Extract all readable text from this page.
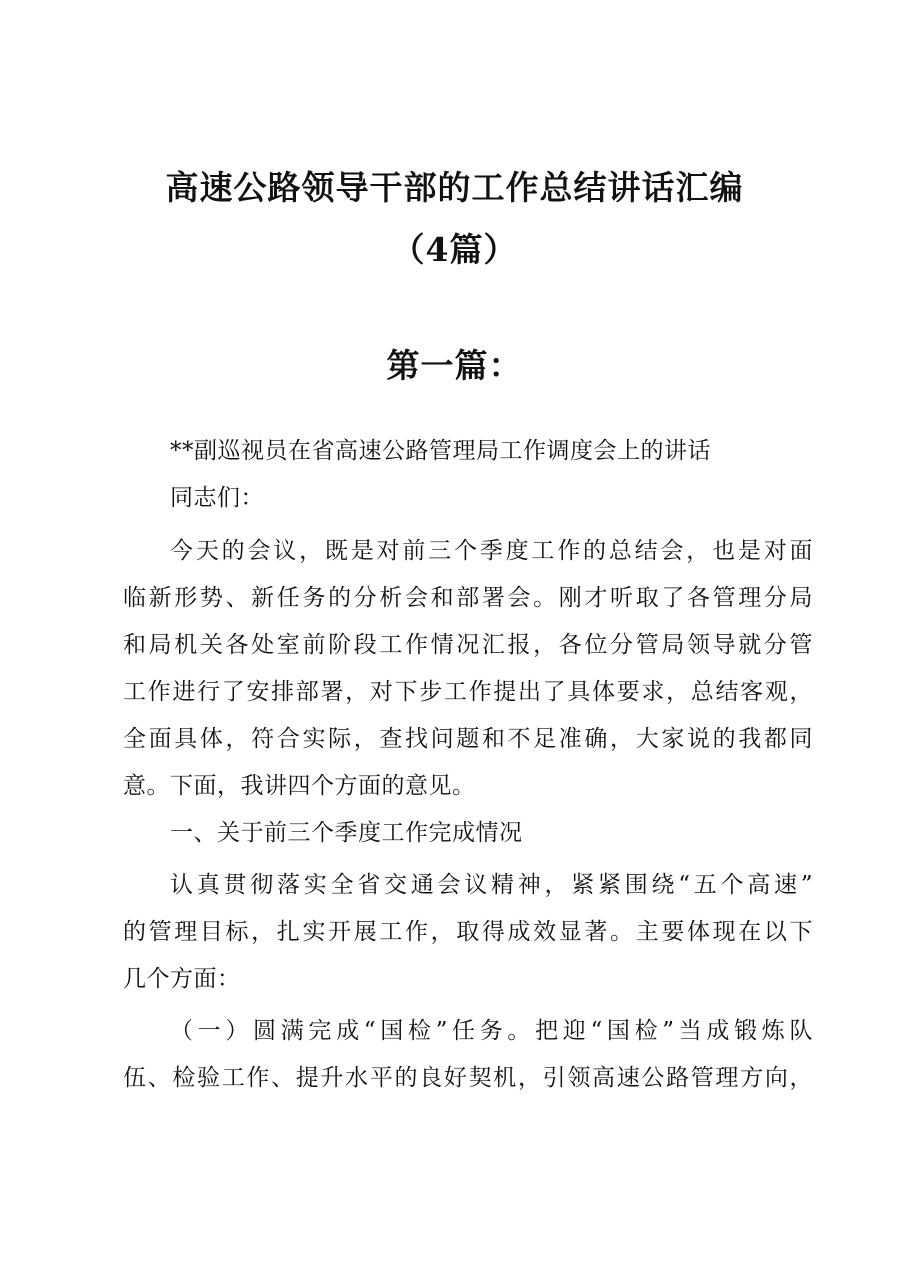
高速公路领导干部的工作总结讲话汇编
（4篇）
第一篇：
**副巡视员在省高速公路管理局工作调度会上的讲话
同志们：
今天的会议，既是对前三个季度工作的总结会，也是对面
临新形势、新任务的分析会和部署会。刚才听取了各管理分局
和局机关各处室前阶段工作情况汇报，各位分管局领导就分管
工作进行了安排部署，对下步工作提出了具体要求，总结客观，
全面具体，符合实际，查找问题和不足准确，大家说的我都同
意。下面，我讲四个方面的意见。
一、关于前三个季度工作完成情况
认真贯彻落实全省交通会议精神，紧紧围绕“五个高速”
的管理目标，扎实开展工作，取得成效显著。主要体现在以下
几个方面：
（一）圆满完成“国检”任务。把迎“国检”当成锻炼队
伍、检验工作、提升水平的良好契机，引领高速公路管理方向，
